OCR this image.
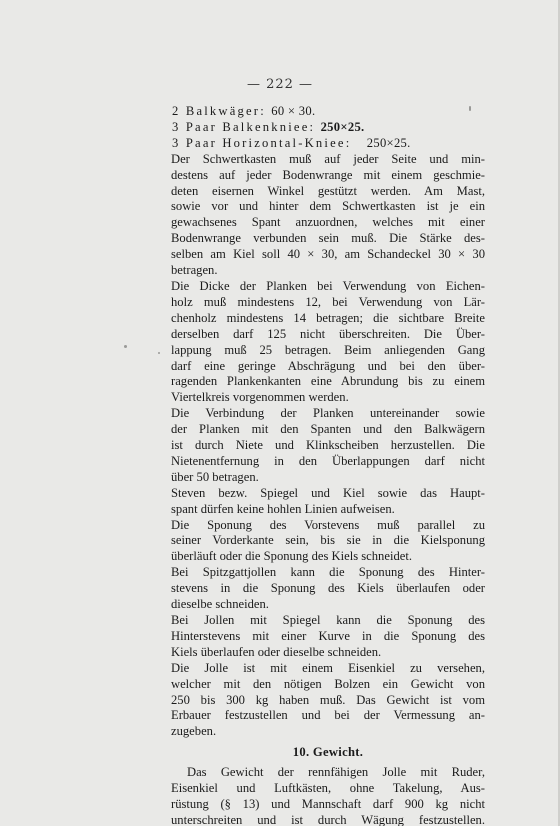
— 222 —
2 Balkwäger: 60 × 30.
3 Paar Balkenkniee: 250×25.
3 Paar Horizontal-Kniee: 250×25.
Der Schwertkasten muß auf jeder Seite und min-
destens auf jeder Bodenwrange mit einem geschmie-
deten eisernen Winkel gestützt werden. Am Mast,
sowie vor und hinter dem Schwertkasten ist je ein
gewachsenes Spant anzuordnen, welches mit einer
Bodenwrange verbunden sein muß. Die Stärke des-
selben am Kiel soll 40 × 30, am Schandeckel 30 × 30
betragen.
Die Dicke der Planken bei Verwendung von Eichen-
holz muß mindestens 12, bei Verwendung von Lär-
chenholz mindestens 14 betragen; die sichtbare Breite
derselben darf 125 nicht überschreiten. Die Über-
lappung muß 25 betragen. Beim anliegenden Gang
darf eine geringe Abschrägung und bei den über-
ragenden Plankenkanten eine Abrundung bis zu einem
Viertelkreis vorgenommen werden.
Die Verbindung der Planken untereinander sowie
der Planken mit den Spanten und den Balkwägern
ist durch Niete und Klinkscheiben herzustellen. Die
Nietenentfernung in den Überlappungen darf nicht
über 50 betragen.
Steven bezw. Spiegel und Kiel sowie das Haupt-
spant dürfen keine hohlen Linien aufweisen.
Die Sponung des Vorstevens muß parallel zu
seiner Vorderkante sein, bis sie in die Kielsponung
überläuft oder die Sponung des Kiels schneidet.
Bei Spitzgattjollen kann die Sponung des Hinter-
stevens in die Sponung des Kiels überlaufen oder
dieselbe schneiden.
Bei Jollen mit Spiegel kann die Sponung des
Hinterstevens mit einer Kurve in die Sponung des
Kiels überlaufen oder dieselbe schneiden.
Die Jolle ist mit einem Eisenkiel zu versehen,
welcher mit den nötigen Bolzen ein Gewicht von
250 bis 300 kg haben muß. Das Gewicht ist vom
Erbauer festzustellen und bei der Vermessung an-
zugeben.
10. Gewicht.
Das Gewicht der rennfähigen Jolle mit Ruder,
Eisenkiel und Luftkästen, ohne Takelung, Aus-
rüstung (§ 13) und Mannschaft darf 900 kg nicht
unterschreiten und ist durch Wägung festzustellen.
